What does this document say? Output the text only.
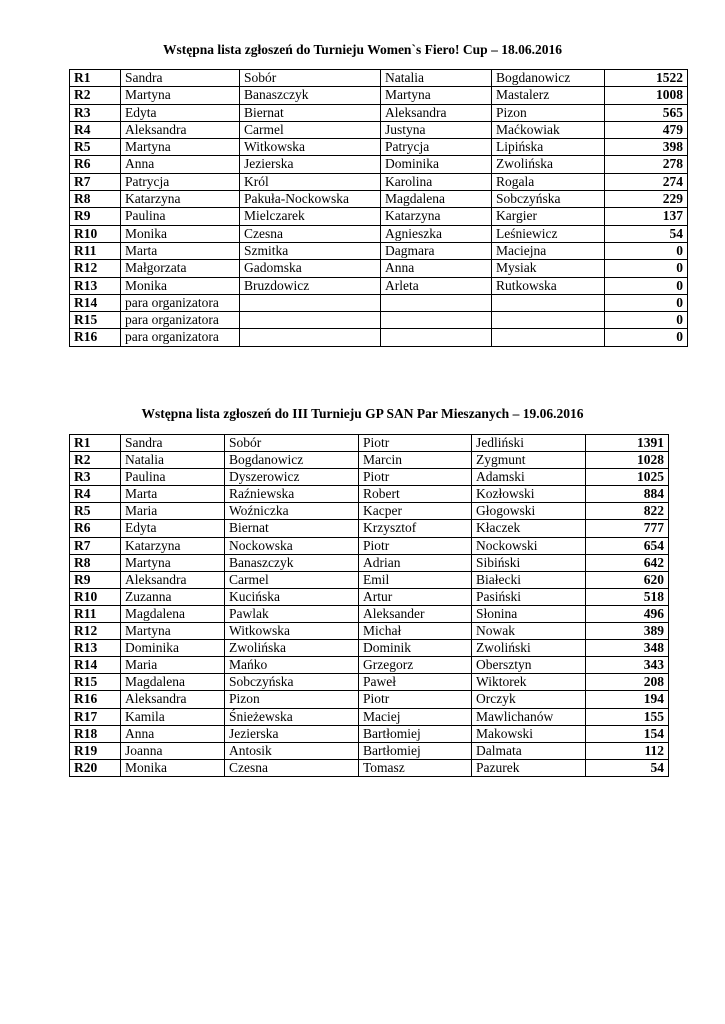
Wstępna lista zgłoszeń do Turnieju Women`s Fiero! Cup – 18.06.2016
R1	Sandra	Sobór	Natalia	Bogdanowicz	1522
R2	Martyna	Banaszczyk	Martyna	Mastalerz	1008
R3	Edyta	Biernat	Aleksandra	Pizon	565
R4	Aleksandra	Carmel	Justyna	Maćkowiak	479
R5	Martyna	Witkowska	Patrycja	Lipińska	398
R6	Anna	Jezierska	Dominika	Zwolińska	278
R7	Patrycja	Król	Karolina	Rogala	274
R8	Katarzyna	Pakuła-Nockowska	Magdalena	Sobczyńska	229
R9	Paulina	Mielczarek	Katarzyna	Kargier	137
R10	Monika	Czesna	Agnieszka	Leśniewicz	54
R11	Marta	Szmitka	Dagmara	Maciejna	0
R12	Małgorzata	Gadomska	Anna	Mysiak	0
R13	Monika	Bruzdowicz	Arleta	Rutkowska	0
R14	para organizatora				0
R15	para organizatora				0
R16	para organizatora				0
Wstępna lista zgłoszeń do III Turnieju GP SAN Par Mieszanych – 19.06.2016
R1	Sandra	Sobór	Piotr	Jedliński	1391
R2	Natalia	Bogdanowicz	Marcin	Zygmunt	1028
R3	Paulina	Dyszerowicz	Piotr	Adamski	1025
R4	Marta	Raźniewska	Robert	Kozłowski	884
R5	Maria	Woźniczka	Kacper	Głogowski	822
R6	Edyta	Biernat	Krzysztof	Kłaczek	777
R7	Katarzyna	Nockowska	Piotr	Nockowski	654
R8	Martyna	Banaszczyk	Adrian	Sibiński	642
R9	Aleksandra	Carmel	Emil	Białecki	620
R10	Zuzanna	Kucińska	Artur	Pasiński	518
R11	Magdalena	Pawlak	Aleksander	Słonina	496
R12	Martyna	Witkowska	Michał	Nowak	389
R13	Dominika	Zwolińska	Dominik	Zwoliński	348
R14	Maria	Mańko	Grzegorz	Obersztyn	343
R15	Magdalena	Sobczyńska	Paweł	Wiktorek	208
R16	Aleksandra	Pizon	Piotr	Orczyk	194
R17	Kamila	Śnieżewska	Maciej	Mawlichanów	155
R18	Anna	Jezierska	Bartłomiej	Makowski	154
R19	Joanna	Antosik	Bartłomiej	Dalmata	112
R20	Monika	Czesna	Tomasz	Pazurek	54
